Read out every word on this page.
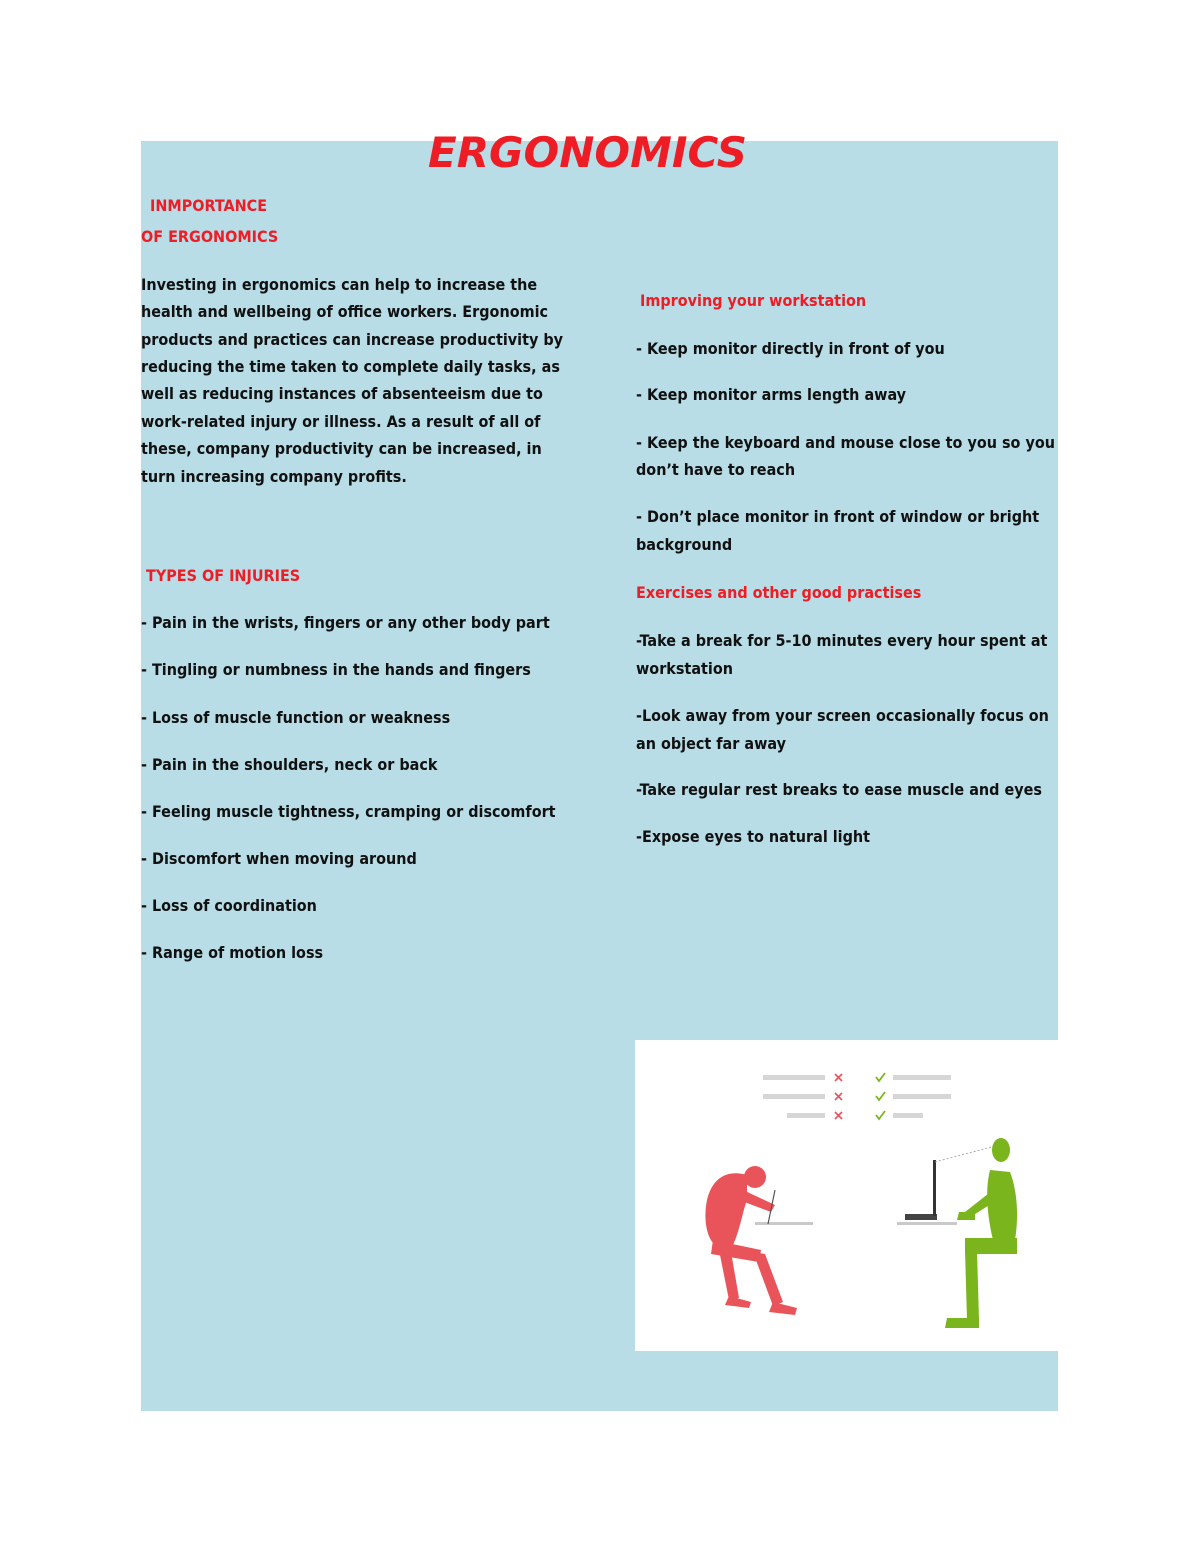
ERGONOMICS

INMPORTANCE

OF ERGONOMICS

Investing in ergonomics can help to increase the

health and wellbeing of office workers. Ergonomic

products and practices can increase productivity by

reducing the time taken to complete daily tasks, as

well as reducing instances of absenteeism due to

work-related injury or illness. As a result of all of

these, company productivity can be increased, in

turn increasing company profits.

TYPES OF INJURIES

- Pain in the wrists, fingers or any other body part

- Tingling or numbness in the hands and fingers

- Loss of muscle function or weakness

- Pain in the shoulders, neck or back

- Feeling muscle tightness, cramping or discomfort

- Discomfort when moving around

- Loss of coordination

- Range of motion loss

Improving your workstation

- Keep monitor directly in front of you

- Keep monitor arms length away

- Keep the keyboard and mouse close to you so you

don’t have to reach

- Don’t place monitor in front of window or bright

background

Exercises and other good practises

-Take a break for 5-10 minutes every hour spent at

workstation

-Look away from your screen occasionally focus on

an object far away

-Take regular rest breaks to ease muscle and eyes

-Expose eyes to natural light
